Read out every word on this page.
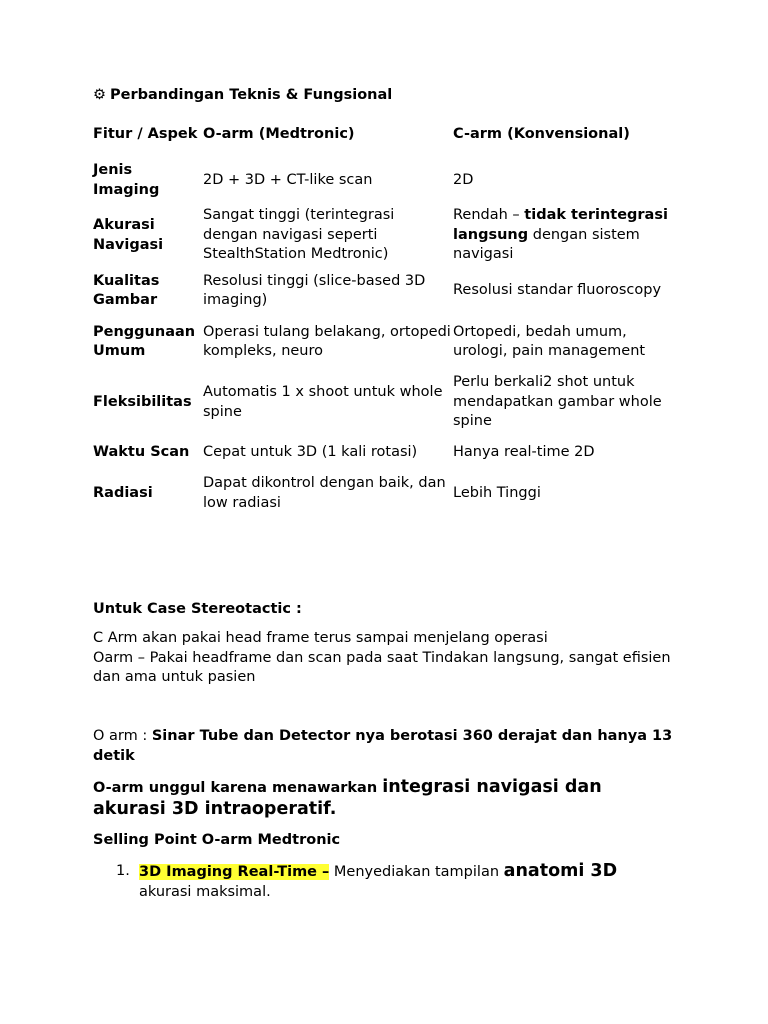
⚙ Perbandingan Teknis & Fungsional
Fitur / Aspek	O-arm (Medtronic)	C-arm (Konvensional)
Jenis Imaging	2D + 3D + CT-like scan	2D
Akurasi Navigasi	Sangat tinggi (terintegrasi dengan navigasi seperti StealthStation Medtronic)	Rendah – tidak terintegrasi langsung dengan sistem navigasi
Kualitas Gambar	Resolusi tinggi (slice-based 3D imaging)	Resolusi standar fluoroscopy
Penggunaan Umum	Operasi tulang belakang, ortopedi kompleks, neuro	Ortopedi, bedah umum, urologi, pain management
Fleksibilitas	Automatis 1 x shoot untuk whole spine	Perlu berkali2 shot untuk mendapatkan gambar whole spine
Waktu Scan	Cepat untuk 3D (1 kali rotasi)	Hanya real-time 2D
Radiasi	Dapat dikontrol dengan baik, dan low radiasi	Lebih Tinggi
Untuk Case Stereotactic :
C Arm akan pakai head frame terus sampai menjelang operasi
Oarm – Pakai headframe dan scan pada saat Tindakan langsung, sangat efisien dan ama untuk pasien
O arm : Sinar Tube dan Detector nya berotasi 360 derajat dan hanya 13 detik
O-arm unggul karena menawarkan integrasi navigasi dan akurasi 3D intraoperatif.
Selling Point O-arm Medtronic
1. 3D Imaging Real-Time – Menyediakan tampilan anatomi 3D
akurasi maksimal.
